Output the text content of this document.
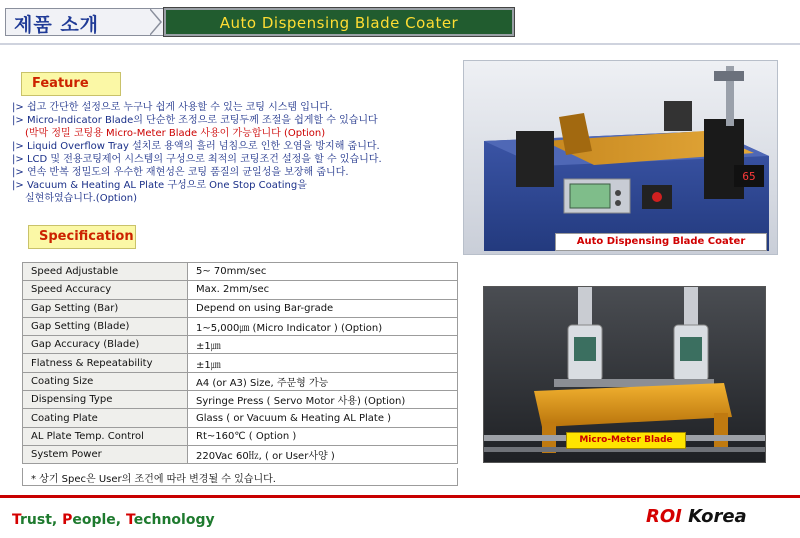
제품 소개	Auto Dispensing Blade Coater
Feature
|> 쉽고 간단한 설정으로 누구나 쉽게 사용할 수 있는 코팅 시스템 입니다.
|> Micro-Indicator Blade의 단순한 조정으로 코팅두께 조절을 쉽게할 수 있습니다
(박막 정밀 코팅용 Micro-Meter Blade 사용이 가능합니다 (Option)
|> Liquid Overflow Tray 설치로 용액의 흘러 넘침으로 인한 오염을 방지해 줍니다.
|> LCD 및 전용코팅제어 시스템의 구성으로 최적의 코팅조건 설정을 할 수 있습니다.
|> 연속 반복 정밀도의 우수한 재현성은 코팅 품질의 균일성을 보장해 줍니다.
|> Vacuum & Heating AL Plate 구성으로 One Stop Coating을
실현하였습니다.(Option)
Specification
Speed Adjustable	5~ 70mm/sec
Speed Accuracy	Max. 2mm/sec
Gap Setting (Bar)	Depend on using Bar-grade
Gap Setting (Blade)	1~5,000㎛ (Micro Indicator ) (Option)
Gap Accuracy (Blade)	±1㎛
Flatness & Repeatability	±1㎛
Coating Size	A4 (or A3) Size, 주문형 가능
Dispensing Type	Syringe Press ( Servo Motor 사용) (Option)
Coating Plate	Glass ( or Vacuum & Heating AL Plate )
AL Plate Temp. Control	Rt~160℃ ( Option )
System Power	220Vac 60㎐, ( or User사양 )
* 상기 Spec은 User의 조건에 따라 변경될 수 있습니다.
65
Auto Dispensing Blade Coater
Micro-Meter Blade
Trust, People, Technology	ROI Korea
